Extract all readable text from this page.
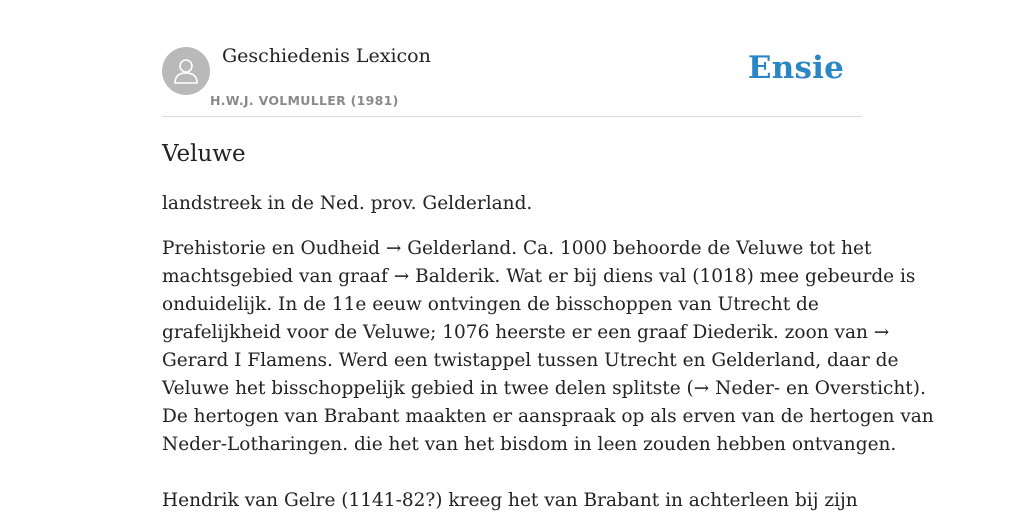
Geschiedenis Lexicon
H.W.J. VOLMULLER (1981)
Ensie
Veluwe

landstreek in de Ned. prov. Gelderland.

Prehistorie en Oudheid → Gelderland. Ca. 1000 behoorde de Veluwe tot het
machtsgebied van graaf → Balderik. Wat er bij diens val (1018) mee gebeurde is
onduidelijk. In de 11e eeuw ontvingen de bisschoppen van Utrecht de
grafelijkheid voor de Veluwe; 1076 heerste er een graaf Diederik. zoon van →
Gerard I Flamens. Werd een twistappel tussen Utrecht en Gelderland, daar de
Veluwe het bisschoppelijk gebied in twee delen splitste (→ Neder- en Oversticht).
De hertogen van Brabant maakten er aanspraak op als erven van de hertogen van
Neder-Lotharingen. die het van het bisdom in leen zouden hebben ontvangen.
Hendrik van Gelre (1141-82?) kreeg het van Brabant in achterleen bij zijn
